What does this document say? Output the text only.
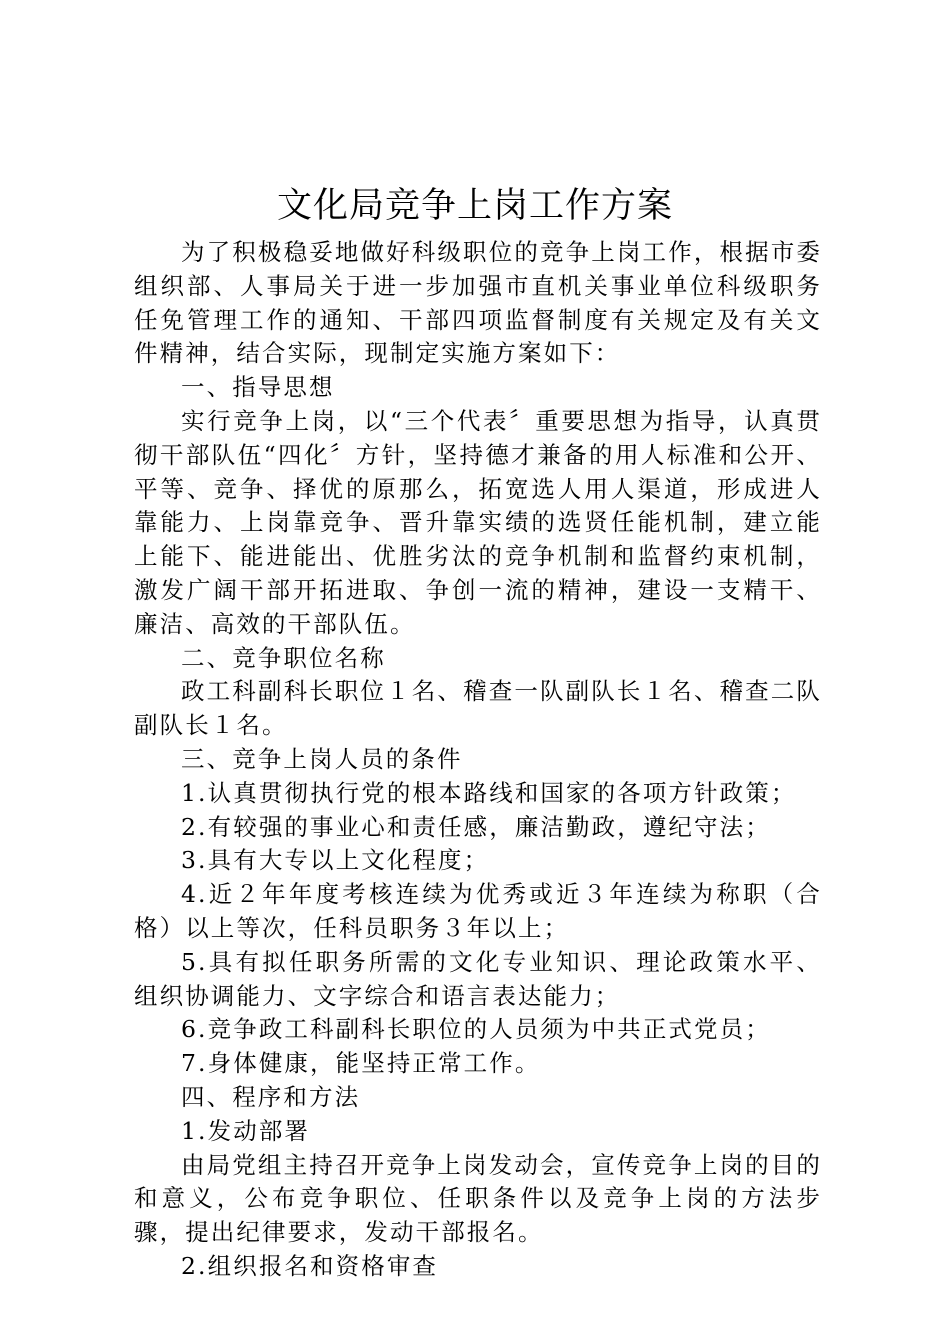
文化局竞争上岗工作方案

为了积极稳妥地做好科级职位的竞争上岗工作，根据市委组织部、人事局关于进一步加强市直机关事业单位科级职务任免管理工作的通知、干部四项监督制度有关规定及有关文件精神，结合实际，现制定实施方案如下：

一、指导思想

实行竞争上岗，以“三个代表〞重要思想为指导，认真贯彻干部队伍“四化〞方针，坚持德才兼备的用人标准和公开、平等、竞争、择优的原那么，拓宽选人用人渠道，形成进人靠能力、上岗靠竞争、晋升靠实绩的选贤任能机制，建立能上能下、能进能出、优胜劣汰的竞争机制和监督约束机制，激发广阔干部开拓进取、争创一流的精神，建设一支精干、廉洁、高效的干部队伍。

二、竞争职位名称

政工科副科长职位１名、稽查一队副队长１名、稽查二队副队长１名。

三、竞争上岗人员的条件

1.认真贯彻执行党的根本路线和国家的各项方针政策；

2.有较强的事业心和责任感，廉洁勤政，遵纪守法；

3.具有大专以上文化程度；

4.近２年年度考核连续为优秀或近３年连续为称职（合格）以上等次，任科员职务３年以上；

5.具有拟任职务所需的文化专业知识、理论政策水平、组织协调能力、文字综合和语言表达能力；

6.竞争政工科副科长职位的人员须为中共正式党员；

7.身体健康，能坚持正常工作。

四、程序和方法

1.发动部署

由局党组主持召开竞争上岗发动会，宣传竞争上岗的目的和意义，公布竞争职位、任职条件以及竞争上岗的方法步骤，提出纪律要求，发动干部报名。

2.组织报名和资格审查
